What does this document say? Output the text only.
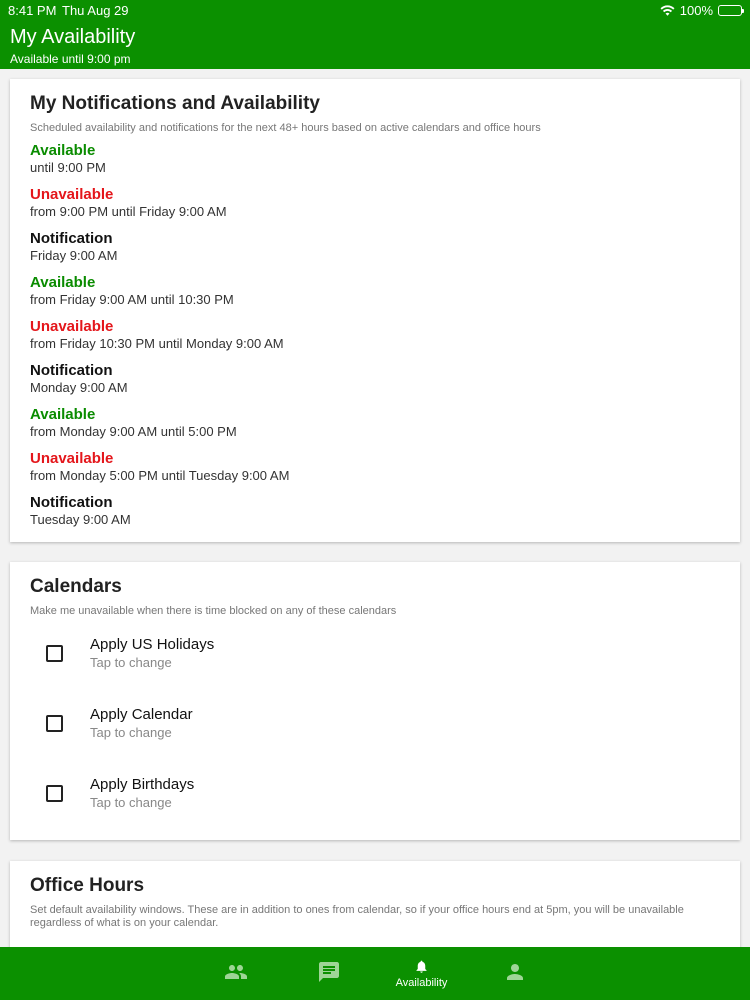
8:41 PM Thu Aug 29	100%
My Availability
Available until 9:00 pm
My Notifications and Availability
Scheduled availability and notifications for the next 48+ hours based on active calendars and office hours
Available
until 9:00 PM
Unavailable
from 9:00 PM until Friday 9:00 AM
Notification
Friday 9:00 AM
Available
from Friday 9:00 AM until 10:30 PM
Unavailable
from Friday 10:30 PM until Monday 9:00 AM
Notification
Monday 9:00 AM
Available
from Monday 9:00 AM until 5:00 PM
Unavailable
from Monday 5:00 PM until Tuesday 9:00 AM
Notification
Tuesday 9:00 AM
Calendars
Make me unavailable when there is time blocked on any of these calendars
Apply US Holidays
Tap to change
Apply Calendar
Tap to change
Apply Birthdays
Tap to change
Office Hours
Set default availability windows. These are in addition to ones from calendar, so if your office hours end at 5pm, you will be unavailable regardless of what is on your calendar.
Availability
